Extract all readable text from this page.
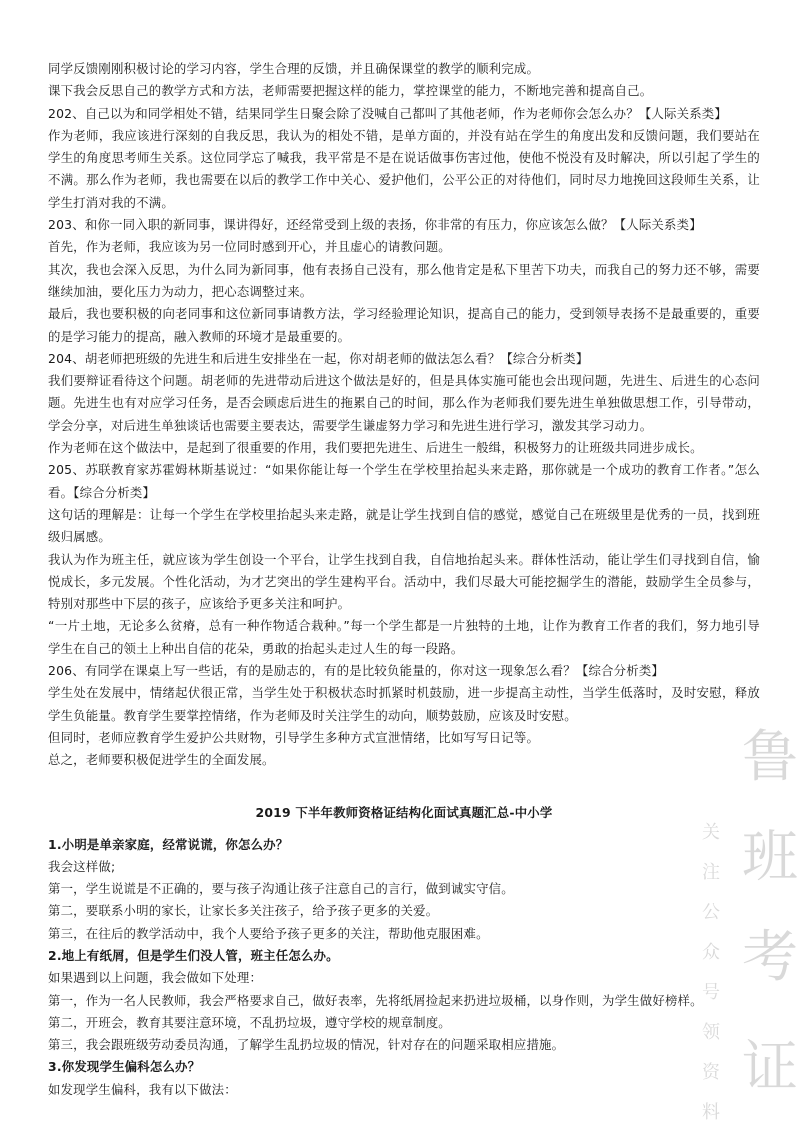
同学反馈刚刚积极讨论的学习内容，学生合理的反馈，并且确保课堂的教学的顺利完成。

课下我会反思自己的教学方式和方法，老师需要把握这样的能力，掌控课堂的能力，不断地完善和提高自己。

202、自己以为和同学相处不错，结果同学生日聚会除了没喊自己都叫了其他老师，作为老师你会怎么办？【人际关系类】

作为老师，我应该进行深刻的自我反思，我认为的相处不错，是单方面的，并没有站在学生的角度出发和反馈问题，我们要站在学生的角度思考师生关系。这位同学忘了喊我，我平常是不是在说话做事伤害过他，使他不悦没有及时解决，所以引起了学生的不满。那么作为老师，我也需要在以后的教学工作中关心、爱护他们，公平公正的对待他们，同时尽力地挽回这段师生关系，让学生打消对我的不满。

203、和你一同入职的新同事，课讲得好，还经常受到上级的表扬，你非常的有压力，你应该怎么做？【人际关系类】

首先，作为老师，我应该为另一位同时感到开心，并且虚心的请教问题。

其次，我也会深入反思，为什么同为新同事，他有表扬自己没有，那么他肯定是私下里苦下功夫，而我自己的努力还不够，需要继续加油，要化压力为动力，把心态调整过来。

最后，我也要积极的向老同事和这位新同事请教方法，学习经验理论知识，提高自己的能力，受到领导表扬不是最重要的，重要的是学习能力的提高，融入教师的环境才是最重要的。

204、胡老师把班级的先进生和后进生安排坐在一起，你对胡老师的做法怎么看？【综合分析类】

我们要辩证看待这个问题。胡老师的先进带动后进这个做法是好的，但是具体实施可能也会出现问题，先进生、后进生的心态问题。先进生也有对应学习任务，是否会顾虑后进生的拖累自己的时间，那么作为老师我们要先进生单独做思想工作，引导带动，学会分享，对后进生单独谈话也需要主要表达，需要学生谦虚努力学习和先进生进行学习，激发其学习动力。

作为老师在这个做法中，是起到了很重要的作用，我们要把先进生、后进生一般缉，积极努力的让班级共同进步成长。

205、苏联教育家苏霍姆林斯基说过：“如果你能让每一个学生在学校里抬起头来走路，那你就是一个成功的教育工作者。”怎么看。【综合分析类】

这句话的理解是：让每一个学生在学校里抬起头来走路，就是让学生找到自信的感觉，感觉自己在班级里是优秀的一员，找到班级归属感。

我认为作为班主任，就应该为学生创设一个平台，让学生找到自我，自信地抬起头来。群体性活动，能让学生们寻找到自信，愉悦成长，多元发展。个性化活动，为才艺突出的学生建构平台。活动中，我们尽最大可能挖掘学生的潜能，鼓励学生全员参与，特别对那些中下层的孩子，应该给予更多关注和呵护。

“一片土地，无论多么贫瘠，总有一种作物适合栽种。”每一个学生都是一片独特的土地，让作为教育工作者的我们，努力地引导学生在自己的领土上种出自信的花朵，勇敢的抬起头走过人生的每一段路。

206、有同学在课桌上写一些话，有的是励志的，有的是比较负能量的，你对这一现象怎么看？【综合分析类】

学生处在发展中，情绪起伏很正常，当学生处于积极状态时抓紧时机鼓励，进一步提高主动性，当学生低落时，及时安慰，释放学生负能量。教育学生要掌控情绪，作为老师及时关注学生的动向，顺势鼓励，应该及时安慰。

但同时，老师应教育学生爱护公共财物，引导学生多种方式宣泄情绪，比如写写日记等。

总之，老师要积极促进学生的全面发展。

2019 下半年教师资格证结构化面试真题汇总-中小学

1.小明是单亲家庭，经常说谎，你怎么办？

我会这样做;

第一，学生说谎是不正确的，要与孩子沟通让孩子注意自己的言行，做到诚实守信。

第二，要联系小明的家长，让家长多关注孩子，给予孩子更多的关爱。

第三，在往后的教学活动中，我个人要给予孩子更多的关注，帮助他克服困难。

2.地上有纸屑，但是学生们没人管，班主任怎么办。

如果遇到以上问题，我会做如下处理：

第一，作为一名人民教师，我会严格要求自己，做好表率，先将纸屑捡起来扔进垃圾桶，以身作则，为学生做好榜样。

第二，开班会，教育其要注意环境，不乱扔垃圾，遵守学校的规章制度。

第三，我会跟班级劳动委员沟通，了解学生乱扔垃圾的情况，针对存在的问题采取相应措施。

3.你发现学生偏科怎么办？

如发现学生偏科，我有以下做法：

鲁
班
考
证
关
注
公
众
号
领
资
料
